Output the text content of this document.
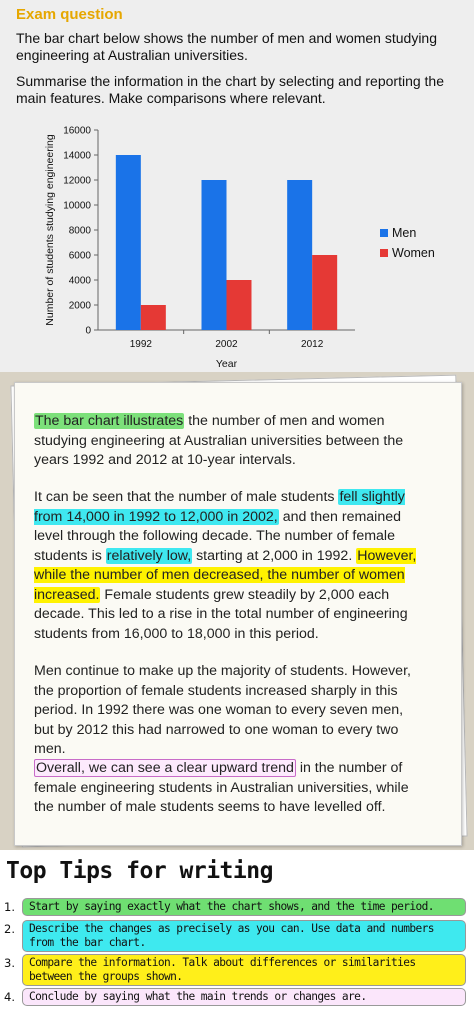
Exam question

The bar chart below shows the number of men and women studying engineering at Australian universities.

Summarise the information in the chart by selecting and reporting the main features. Make comparisons where relevant.

0
2000
4000
6000
8000
10000
12000
14000
16000
1992	2002	2012
Year
Number of students studying engineering	Men
Women

The bar chart illustrates the number of men and women studying engineering at Australian universities between the years 1992 and 2012 at 10-year intervals.

It can be seen that the number of male students fell slightly from 14,000 in 1992 to 12,000 in 2002, and then remained level through the following decade. The number of female students is relatively low, starting at 2,000 in 1992. However, while the number of men decreased, the number of women increased. Female students grew steadily by 2,000 each decade. This led to a rise in the total number of engineering students from 16,000 to 18,000 in this period.

Men continue to make up the majority of students. However, the proportion of female students increased sharply in this period. In 1992 there was one woman to every seven men, but by 2012 this had narrowed to one woman to every two men.

Overall, we can see a clear upward trend in the number of female engineering students in Australian universities, while the number of male students seems to have levelled off.

Top Tips for writing
1.	Start by saying exactly what the chart shows, and the time period.
2.	Describe the changes as precisely as you can. Use data and numbers from the bar chart.
3.	Compare the information. Talk about differences or similarities between the groups shown.
4.	Conclude by saying what the main trends or changes are.
